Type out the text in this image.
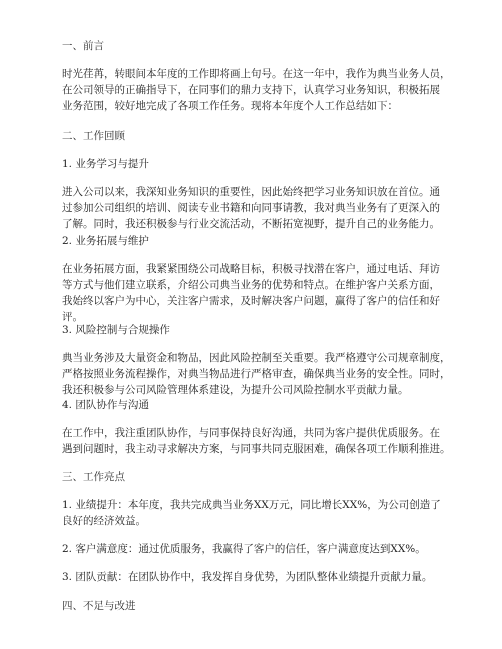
一、前言
时光荏苒，转眼间本年度的工作即将画上句号。在这一年中，我作为典当业务人员，
在公司领导的正确指导下，在同事们的鼎力支持下，认真学习业务知识，积极拓展
业务范围，较好地完成了各项工作任务。现将本年度个人工作总结如下：
二、工作回顾
1. 业务学习与提升
进入公司以来，我深知业务知识的重要性，因此始终把学习业务知识放在首位。通
过参加公司组织的培训、阅读专业书籍和向同事请教，我对典当业务有了更深入的
了解。同时，我还积极参与行业交流活动，不断拓宽视野，提升自己的业务能力。
2. 业务拓展与维护
在业务拓展方面，我紧紧围绕公司战略目标，积极寻找潜在客户，通过电话、拜访
等方式与他们建立联系，介绍公司典当业务的优势和特点。在维护客户关系方面，
我始终以客户为中心，关注客户需求，及时解决客户问题，赢得了客户的信任和好
评。
3. 风险控制与合规操作
典当业务涉及大量资金和物品，因此风险控制至关重要。我严格遵守公司规章制度，
严格按照业务流程操作，对典当物品进行严格审查，确保典当业务的安全性。同时，
我还积极参与公司风险管理体系建设，为提升公司风险控制水平贡献力量。
4. 团队协作与沟通
在工作中，我注重团队协作，与同事保持良好沟通，共同为客户提供优质服务。在
遇到问题时，我主动寻求解决方案，与同事共同克服困难，确保各项工作顺利推进。
三、工作亮点
1. 业绩提升：本年度，我共完成典当业务XX万元，同比增长XX%，为公司创造了
良好的经济效益。
2. 客户满意度：通过优质服务，我赢得了客户的信任，客户满意度达到XX%。
3. 团队贡献：在团队协作中，我发挥自身优势，为团队整体业绩提升贡献力量。
四、不足与改进
